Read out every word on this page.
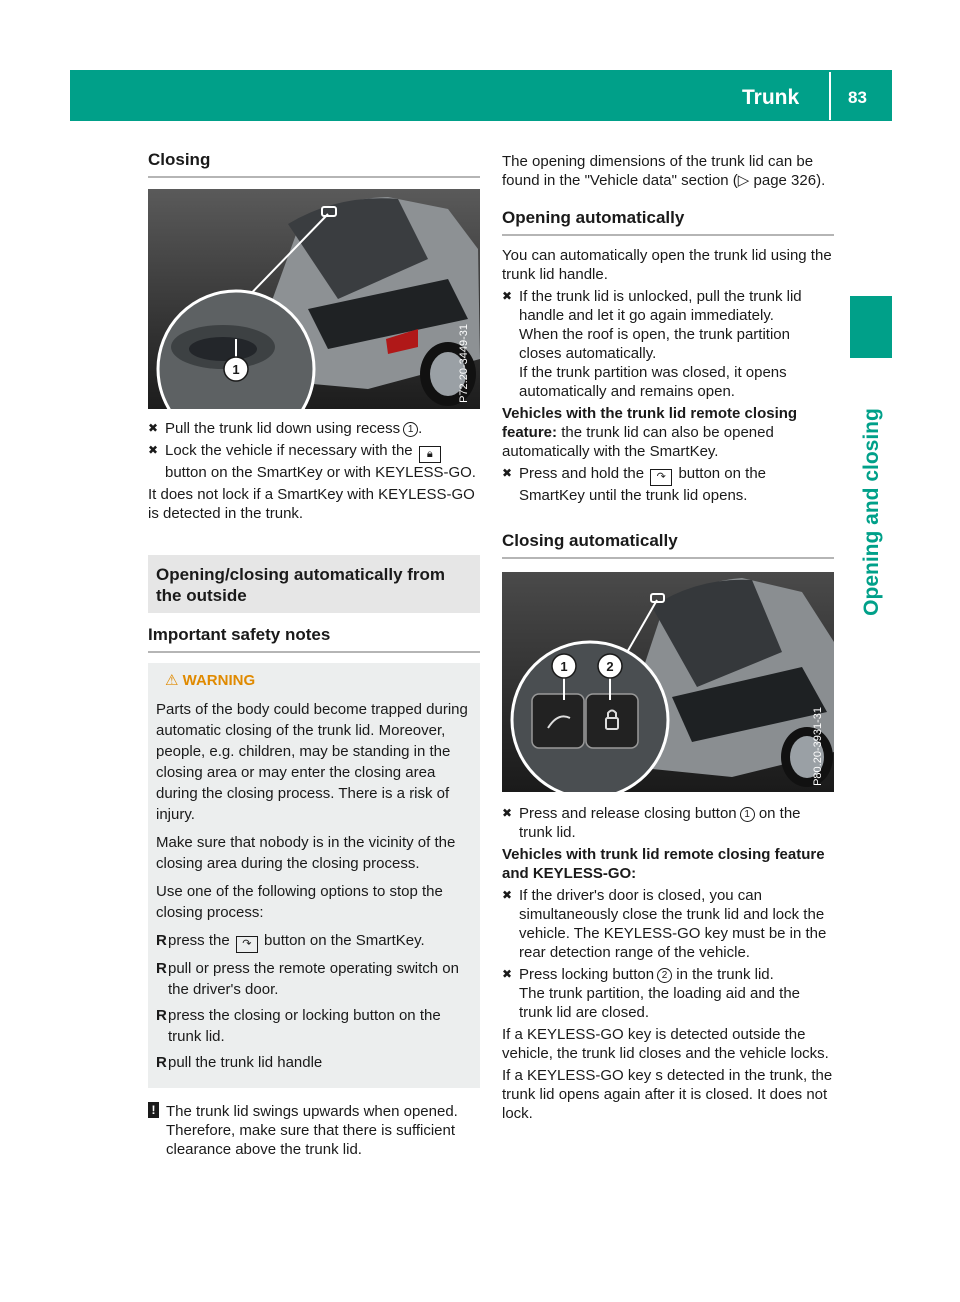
Trunk	83
Opening and closing
Closing
1	P72.20-3449-31
✖ Pull the trunk lid down using recess 1 .
✖ Lock the vehicle if necessary with the 🔒︎ button on the SmartKey or with KEYLESS-GO.

It does not lock if a SmartKey with KEYLESS-GO is detected in the trunk.

Opening/closing automatically from the outside
Important safety notes
⚠ WARNING

Parts of the body could become trapped during automatic closing of the trunk lid. Moreover, people, e.g. children, may be standing in the closing area or may enter the closing area during the closing process. There is a risk of injury.

Make sure that nobody is in the vicinity of the closing area during the closing process.

Use one of the following options to stop the closing process:

R press the ↷ button on the SmartKey.
R pull or press the remote operating switch on the driver's door.
R press the closing or locking button on the trunk lid.
R pull the trunk lid handle
! The trunk lid swings upwards when opened. Therefore, make sure that there is sufficient clearance above the trunk lid.

The opening dimensions of the trunk lid can be found in the "Vehicle data" section (▷ page 326).

Opening automatically

You can automatically open the trunk lid using the trunk lid handle.

✖ If the trunk lid is unlocked, pull the trunk lid handle and let it go again immediately.
When the roof is open, the trunk partition closes automatically.
If the trunk partition was closed, it opens automatically and remains open.

Vehicles with the trunk lid remote closing feature: the trunk lid can also be opened automatically with the SmartKey.

✖ Press and hold the ↷ button on the SmartKey until the trunk lid opens.
Closing automatically
1	2
P80.20-3931-31
✖ Press and release closing button 1 on the trunk lid.

Vehicles with trunk lid remote closing feature and KEYLESS-GO:

✖ If the driver's door is closed, you can simultaneously close the trunk lid and lock the vehicle. The KEYLESS-GO key must be in the rear detection range of the vehicle.
✖ Press locking button 2 in the trunk lid.
The trunk partition, the loading aid and the trunk lid are closed.

If a KEYLESS-GO key is detected outside the vehicle, the trunk lid closes and the vehicle locks.

If a KEYLESS-GO key s detected in the trunk, the trunk lid opens again after it is closed. It does not lock.
